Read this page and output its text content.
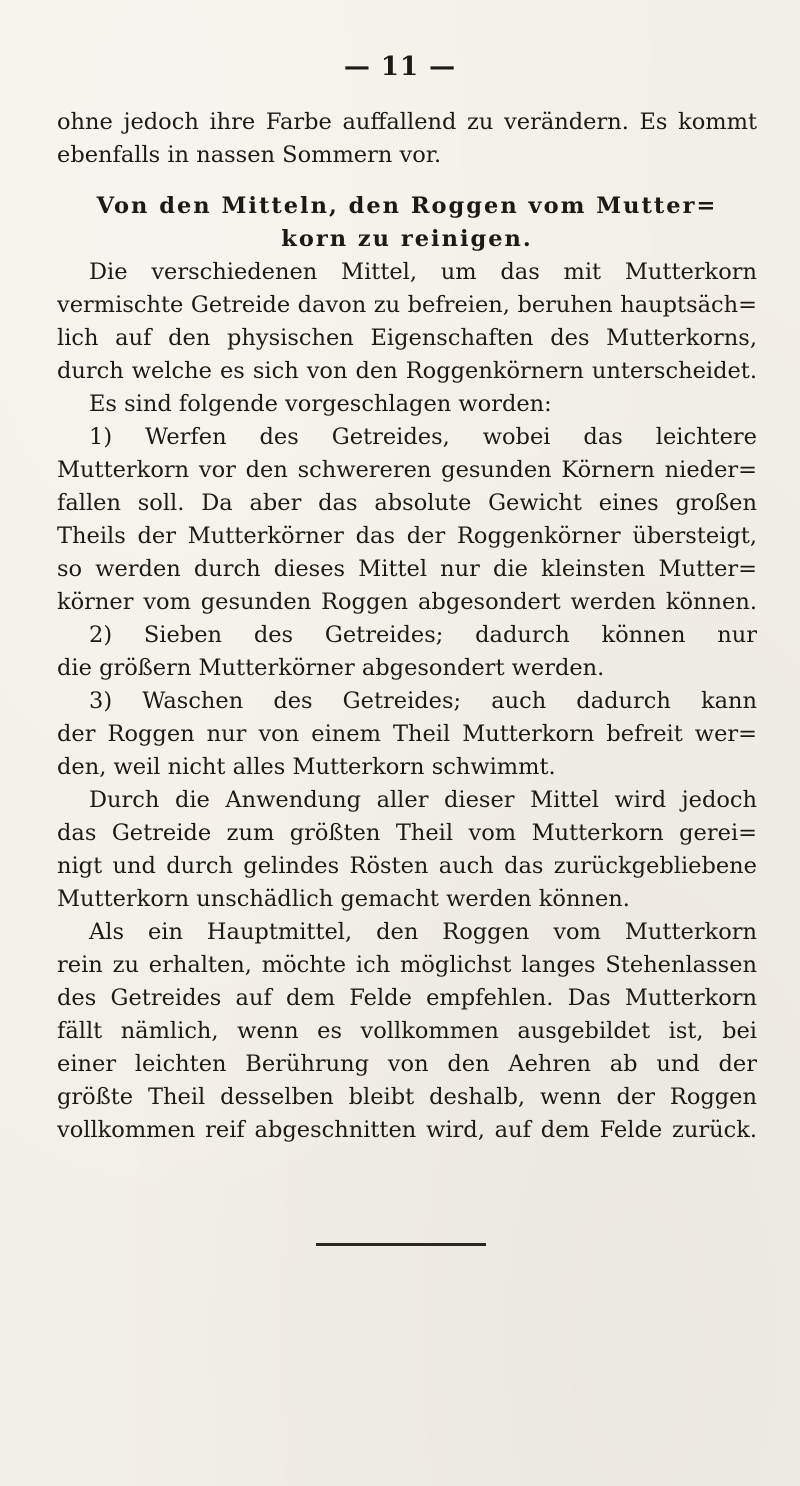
— 11 —
ohne jedoch ihre Farbe auffallend zu verändern. Es kommt
ebenfalls in nassen Sommern vor.
Von den Mitteln, den Roggen vom Mutter=
korn zu reinigen.
Die verschiedenen Mittel, um das mit Mutterkorn
vermischte Getreide davon zu befreien, beruhen hauptsäch=
lich auf den physischen Eigenschaften des Mutterkorns,
durch welche es sich von den Roggenkörnern unterscheidet.
Es sind folgende vorgeschlagen worden:
1) Werfen des Getreides, wobei das leichtere
Mutterkorn vor den schwereren gesunden Körnern nieder=
fallen soll. Da aber das absolute Gewicht eines großen
Theils der Mutterkörner das der Roggenkörner übersteigt,
so werden durch dieses Mittel nur die kleinsten Mutter=
körner vom gesunden Roggen abgesondert werden können.
2) Sieben des Getreides; dadurch können nur
die größern Mutterkörner abgesondert werden.
3) Waschen des Getreides; auch dadurch kann
der Roggen nur von einem Theil Mutterkorn befreit wer=
den, weil nicht alles Mutterkorn schwimmt.
Durch die Anwendung aller dieser Mittel wird jedoch
das Getreide zum größten Theil vom Mutterkorn gerei=
nigt und durch gelindes Rösten auch das zurückgebliebene
Mutterkorn unschädlich gemacht werden können.
Als ein Hauptmittel, den Roggen vom Mutterkorn
rein zu erhalten, möchte ich möglichst langes Stehenlassen
des Getreides auf dem Felde empfehlen. Das Mutterkorn
fällt nämlich, wenn es vollkommen ausgebildet ist, bei
einer leichten Berührung von den Aehren ab und der
größte Theil desselben bleibt deshalb, wenn der Roggen
vollkommen reif abgeschnitten wird, auf dem Felde zurück.
